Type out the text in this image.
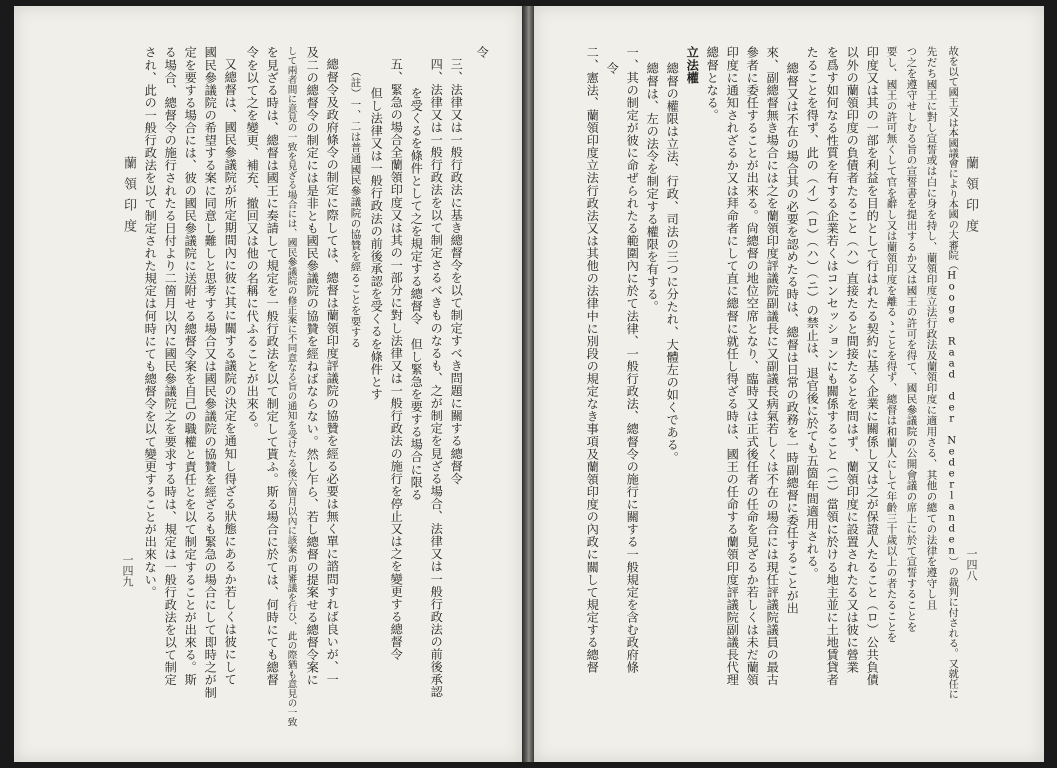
蘭領印度
一四九 され、此の一般行政法を以て制定された規定は何時にても總督令を以て變更することが出來ない。 る場合、總督令の施行されたる日付より二箇月以內に國民參議院之を要求する時は、規定は一般行政法を以て制定 定を要する場合には、彼の國民參議院に送附せる總督令案を自己の職權と責任とを以て制定することが出來る。斯 國民參議院の希望する案に同意し難しと思考する場合又は國民參議院の協贊を經ざるも緊急の場合にして即時之が制 又總督は、國民參議院が所定期間內に彼に其に關する議院の決定を通知し得ざる狀態にあるか若しくは彼にして 令を以て之を變更、補充、撤回又は他の名稱に代ふることが出來る。 を見ざる時は、總督は國王に奏請して規定を一般行政法を以て制定して貰ふ。斯る場合に於ては、何時にても總督 して兩者間に意見の一致を見ざる場合には、國民參議院の修正案に不同意なる旨の通知を受けたる後六箇月以內に該案の再審議を行ひ、此の際猶も意見の一致 及二の總督令の制定には是非とも國民參議院の協贊を經ねばならない。然し乍ら、若し總督の提案せる總督令案に 總督令及政府條令の制定に際しては、總督は蘭領印度評議院の協贊を經る必要は無く單に諮問すれば良いが、一 （註）一、二は普通國民參議院の協贊を經ることを要する 　但し法律又は一般行政法の前後承認を受くるを條件とす 五、緊急の場合全蘭領印度又は其の一部分に對し法律又は一般行政法の施行を停止又は之を變更する總督令 　を受くるを條件として之を規定する總督令　但し緊急を要する場合に限る 四、法律又は一般行政法を以て制定さるべきものなるも、之が制定を見ざる場合、法律又は一般行政法の前後承認 三、法律又は一般行政法に基き總督令を以て制定すべき問題に關する總督令
令
蘭領印度
一四八
二、憲法、蘭領印度立法行政法又は其他の法律中に別段の規定なき事項及蘭領印度の內政に關して規定する總督 令 一、其の制定が彼に命ぜられたる範圍內に於て法律、一般行政法、總督令の施行に關する一般規定を含む政府條 總督は、左の法令を制定する權限を有する。 總督の權限は立法、行政、司法の三つに分たれ、大體左の如くである。 立法權 總督となる。 印度に通知されざるか又は拜命者にして直に總督に就任し得ざる時は、國王の任命する蘭領印度評議院副議長代理 參者に委任することが出來る。尙總督の地位空席となり、臨時又は正式後任者の任命を見ざるか若しくは未だ蘭領 來、副總督無き場合には之を蘭領印度評議院副議長に又副議長病氣若しくは不在の場合には現任評議院議員の最古 總督又は不在の場合其の必要を認めたる時は、總督は日常の政務を一時副總督に委任することが出 たることを得ず、此の（イ）（ロ）（ハ）（ニ）の禁止は、退官後に於ても五箇年間適用される。 を爲す如何なる性質を有する企業若くはコンセッションにも關係すること（ニ）當領に於ける地主並に土地賃貸者 以外の蘭領印度の負債者たること（ハ）直接たると間接たるとを問はず、蘭領印度に設置されたる又は彼に營業 印度又は其の一部を利益を目的として行はれたる契約に基く企業に關係し又は之が保證人たること（ロ）公共負債 要し、國王の許可無くして官を辭し又は蘭領印度を離るゝことを得ず、總督は和蘭人にして年齡三十歲以上の者たることを つ之を遵守せしむる旨の宣誓書を提出するか又は國王の許可を得て、國民參議院の公開會議の席上に於て宣誓することを 先だち國王に對し宣誓或は白に身を持し、蘭領印度立法行政法及蘭領印度に適用さる、其他の總ての法律を遵守し且 故を以て國王又は本國議會により本國の大審院（Hooge Raad der Nederlanden）の裁判に付される。又就任に
